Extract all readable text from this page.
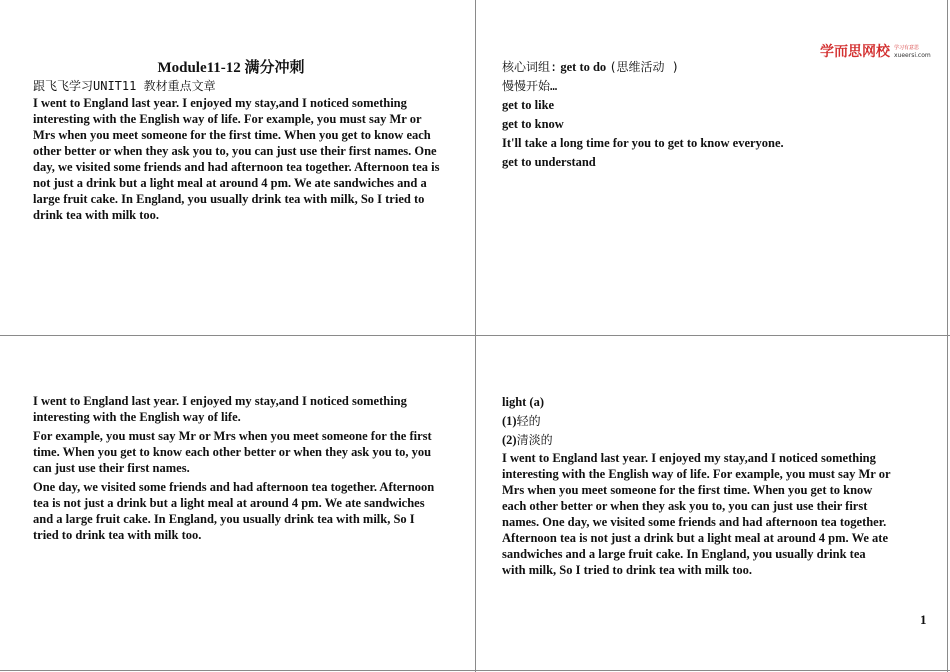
Module11-12 满分冲刺

跟飞飞学习UNIT11 教材重点文章

I went to England last year. I enjoyed my stay,and I noticed something interesting with the English way of life. For example, you must say Mr or Mrs when you meet someone for the first time. When you get to know each other better or when they ask you to, you can just use their first names. One day, we visited some friends and had afternoon tea together. Afternoon tea is not just a drink but a light meal at around 4 pm. We ate sandwiches and a large fruit cake. In England, you usually drink tea with milk, So I tried to drink tea with milk too.

学而思网校 学习有意思
xueersi.com

核心词组: get to do (思维活动 )

慢慢开始…

get to like

get to know

It'll take a long time for you to get to know everyone.

get to understand

I went to England last year. I enjoyed my stay,and I noticed something interesting with the English way of life.

For example, you must say Mr or Mrs when you meet someone for the first time. When you get to know each other better or when they ask you to, you can just use their first names.

One day, we visited some friends and had afternoon tea together. Afternoon tea is not just a drink but a light meal at around 4 pm. We ate sandwiches and a large fruit cake. In England, you usually drink tea with milk, So I tried to drink tea with milk too.

light (a)

(1)轻的

(2)清淡的

I went to England last year. I enjoyed my stay,and I noticed something interesting with the English way of life. For example, you must say Mr or Mrs when you meet someone for the first time. When you get to know each other better or when they ask you to, you can just use their first names. One day, we visited some friends and had afternoon tea together. Afternoon tea is not just a drink but a light meal at around 4 pm. We ate sandwiches and a large fruit cake. In England, you usually drink tea with milk, So I tried to drink tea with milk too.

1
